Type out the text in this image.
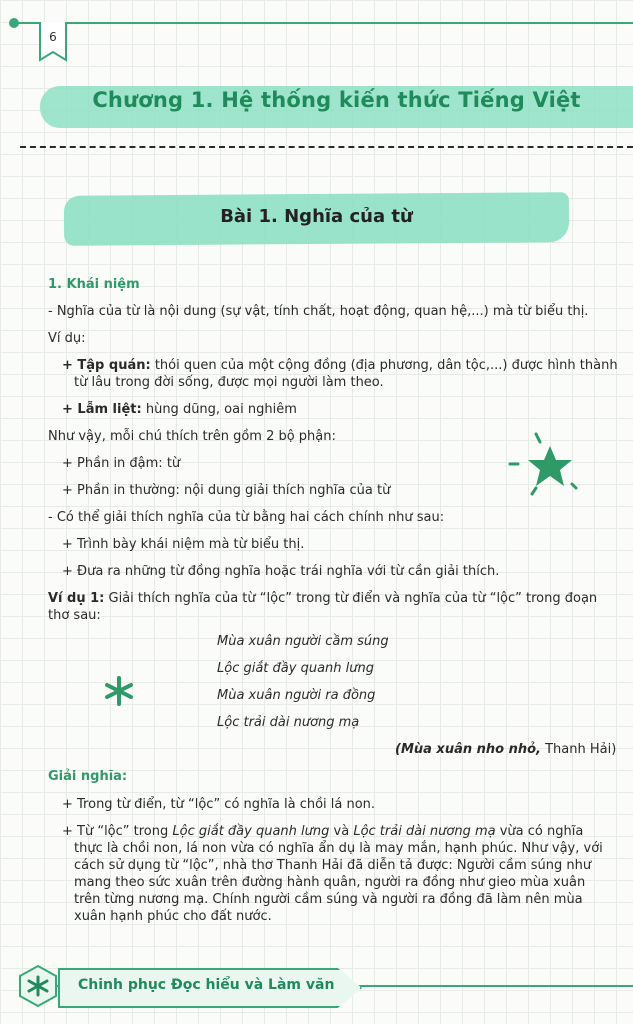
6
Chương 1. Hệ thống kiến thức Tiếng Việt
Bài 1. Nghĩa của từ
1. Khái niệm
- Nghĩa của từ là nội dung (sự vật, tính chất, hoạt động, quan hệ,...) mà từ biểu thị.
Ví dụ:
+ Tập quán: thói quen của một cộng đồng (địa phương, dân tộc,...) được hình thành
từ lâu trong đời sống, được mọi người làm theo.
+ Lẫm liệt: hùng dũng, oai nghiêm
Như vậy, mỗi chú thích trên gồm 2 bộ phận:
+ Phần in đậm: từ
+ Phần in thường: nội dung giải thích nghĩa của từ
- Có thể giải thích nghĩa của từ bằng hai cách chính như sau:
+ Trình bày khái niệm mà từ biểu thị.
+ Đưa ra những từ đồng nghĩa hoặc trái nghĩa với từ cần giải thích.
Ví dụ 1: Giải thích nghĩa của từ “lộc” trong từ điển và nghĩa của từ “lộc” trong đoạn
thơ sau:
Mùa xuân người cầm súng
Lộc giắt đầy quanh lưng
Mùa xuân người ra đồng
Lộc trải dài nương mạ
(Mùa xuân nho nhỏ, Thanh Hải)
Giải nghĩa:
+ Trong từ điển, từ “lộc” có nghĩa là chồi lá non.
+ Từ “lộc” trong Lộc giắt đầy quanh lưng và Lộc trải dài nương mạ vừa có nghĩa
thực là chồi non, lá non vừa có nghĩa ẩn dụ là may mắn, hạnh phúc. Như vậy, với
cách sử dụng từ “lộc”, nhà thơ Thanh Hải đã diễn tả được: Người cầm súng như
mang theo sức xuân trên đường hành quân, người ra đồng như gieo mùa xuân
trên từng nương mạ. Chính người cầm súng và người ra đồng đã làm nên mùa
xuân hạnh phúc cho đất nước.
Chinh phục Đọc hiểu và Làm văn
